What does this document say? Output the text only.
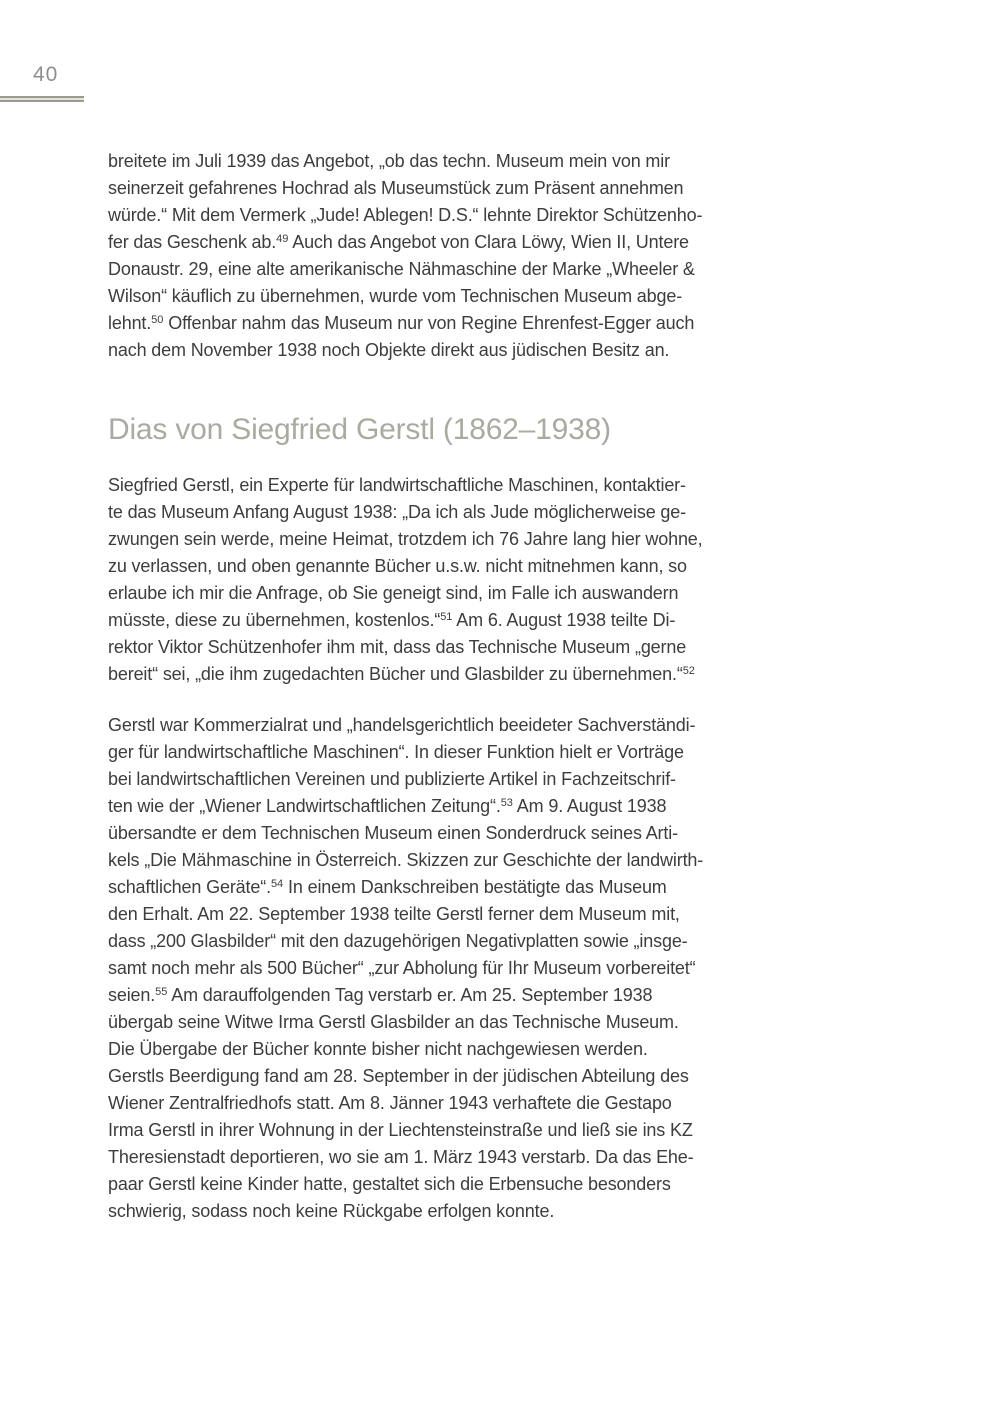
40

breitete im Juli 1939 das Angebot, „ob das techn. Museum mein von mir
seinerzeit gefahrenes Hochrad als Museumstück zum Präsent annehmen
würde.“ Mit dem Vermerk „Jude! Ablegen! D.S.“ lehnte Direktor Schützenho-
fer das Geschenk ab.$^{49}$ Auch das Angebot von Clara Löwy, Wien II, Untere
Donaustr. 29, eine alte amerikanische Nähmaschine der Marke „Wheeler &
Wilson“ käuflich zu übernehmen, wurde vom Technischen Museum abge-
lehnt.$^{50}$ Offenbar nahm das Museum nur von Regine Ehrenfest-Egger auch
nach dem November 1938 noch Objekte direkt aus jüdischen Besitz an.

Dias von Siegfried Gerstl (1862–1938)

Siegfried Gerstl, ein Experte für landwirtschaftliche Maschinen, kontaktier-
te das Museum Anfang August 1938: „Da ich als Jude möglicherweise ge-
zwungen sein werde, meine Heimat, trotzdem ich 76 Jahre lang hier wohne,
zu verlassen, und oben genannte Bücher u.s.w. nicht mitnehmen kann, so
erlaube ich mir die Anfrage, ob Sie geneigt sind, im Falle ich auswandern
müsste, diese zu übernehmen, kostenlos.“$^{51}$ Am 6. August 1938 teilte Di-
rektor Viktor Schützenhofer ihm mit, dass das Technische Museum „gerne
bereit“ sei, „die ihm zugedachten Bücher und Glasbilder zu übernehmen.“$^{52}$

Gerstl war Kommerzialrat und „handelsgerichtlich beeideter Sachverständi-
ger für landwirtschaftliche Maschinen“. In dieser Funktion hielt er Vorträge
bei landwirtschaftlichen Vereinen und publizierte Artikel in Fachzeitschrif-
ten wie der „Wiener Landwirtschaftlichen Zeitung“.$^{53}$ Am 9. August 1938
übersandte er dem Technischen Museum einen Sonderdruck seines Arti-
kels „Die Mähmaschine in Österreich. Skizzen zur Geschichte der landwirth-
schaftlichen Geräte“.$^{54}$ In einem Dankschreiben bestätigte das Museum
den Erhalt. Am 22. September 1938 teilte Gerstl ferner dem Museum mit,
dass „200 Glasbilder“ mit den dazugehörigen Negativplatten sowie „insge-
samt noch mehr als 500 Bücher“ „zur Abholung für Ihr Museum vorbereitet“
seien.$^{55}$ Am darauffolgenden Tag verstarb er. Am 25. September 1938
übergab seine Witwe Irma Gerstl Glasbilder an das Technische Museum.
Die Übergabe der Bücher konnte bisher nicht nachgewiesen werden.
Gerstls Beerdigung fand am 28. September in der jüdischen Abteilung des
Wiener Zentralfriedhofs statt. Am 8. Jänner 1943 verhaftete die Gestapo
Irma Gerstl in ihrer Wohnung in der Liechtensteinstraße und ließ sie ins KZ
Theresienstadt deportieren, wo sie am 1. März 1943 verstarb. Da das Ehe-
paar Gerstl keine Kinder hatte, gestaltet sich die Erbensuche besonders
schwierig, sodass noch keine Rückgabe erfolgen konnte.
